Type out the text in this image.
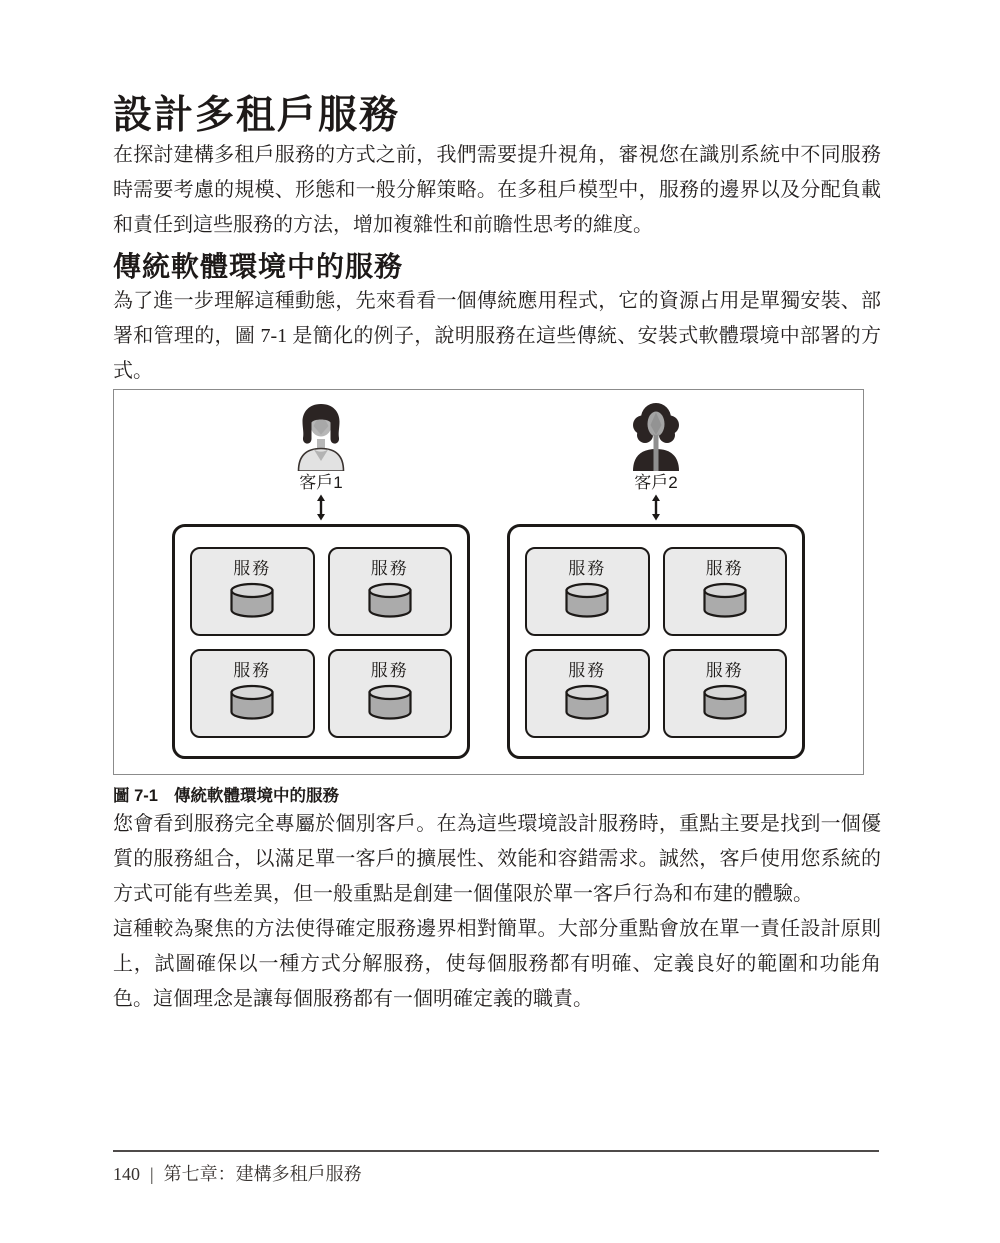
設計多租戶服務

在探討建構多租戶服務的方式之前，我們需要提升視角，審視您在識別系統中不同服務時需要考慮的規模、形態和一般分解策略。在多租戶模型中，服務的邊界以及分配負載和責任到這些服務的方法，增加複雜性和前瞻性思考的維度。

傳統軟體環境中的服務

為了進一步理解這種動態，先來看看一個傳統應用程式，它的資源占用是單獨安裝、部署和管理的，圖 7-1 是簡化的例子，說明服務在這些傳統、安裝式軟體環境中部署的方式。

客戶1
服務	服務
服務	服務
客戶2
服務	服務
服務	服務

圖 7-1 傳統軟體環境中的服務

您會看到服務完全專屬於個別客戶。在為這些環境設計服務時，重點主要是找到一個優質的服務組合，以滿足單一客戶的擴展性、效能和容錯需求。誠然，客戶使用您系統的方式可能有些差異，但一般重點是創建一個僅限於單一客戶行為和布建的體驗。

這種較為聚焦的方法使得確定服務邊界相對簡單。大部分重點會放在單一責任設計原則上，試圖確保以一種方式分解服務，使每個服務都有明確、定義良好的範圍和功能角色。這個理念是讓每個服務都有一個明確定義的職責。

140 | 第七章：建構多租戶服務
